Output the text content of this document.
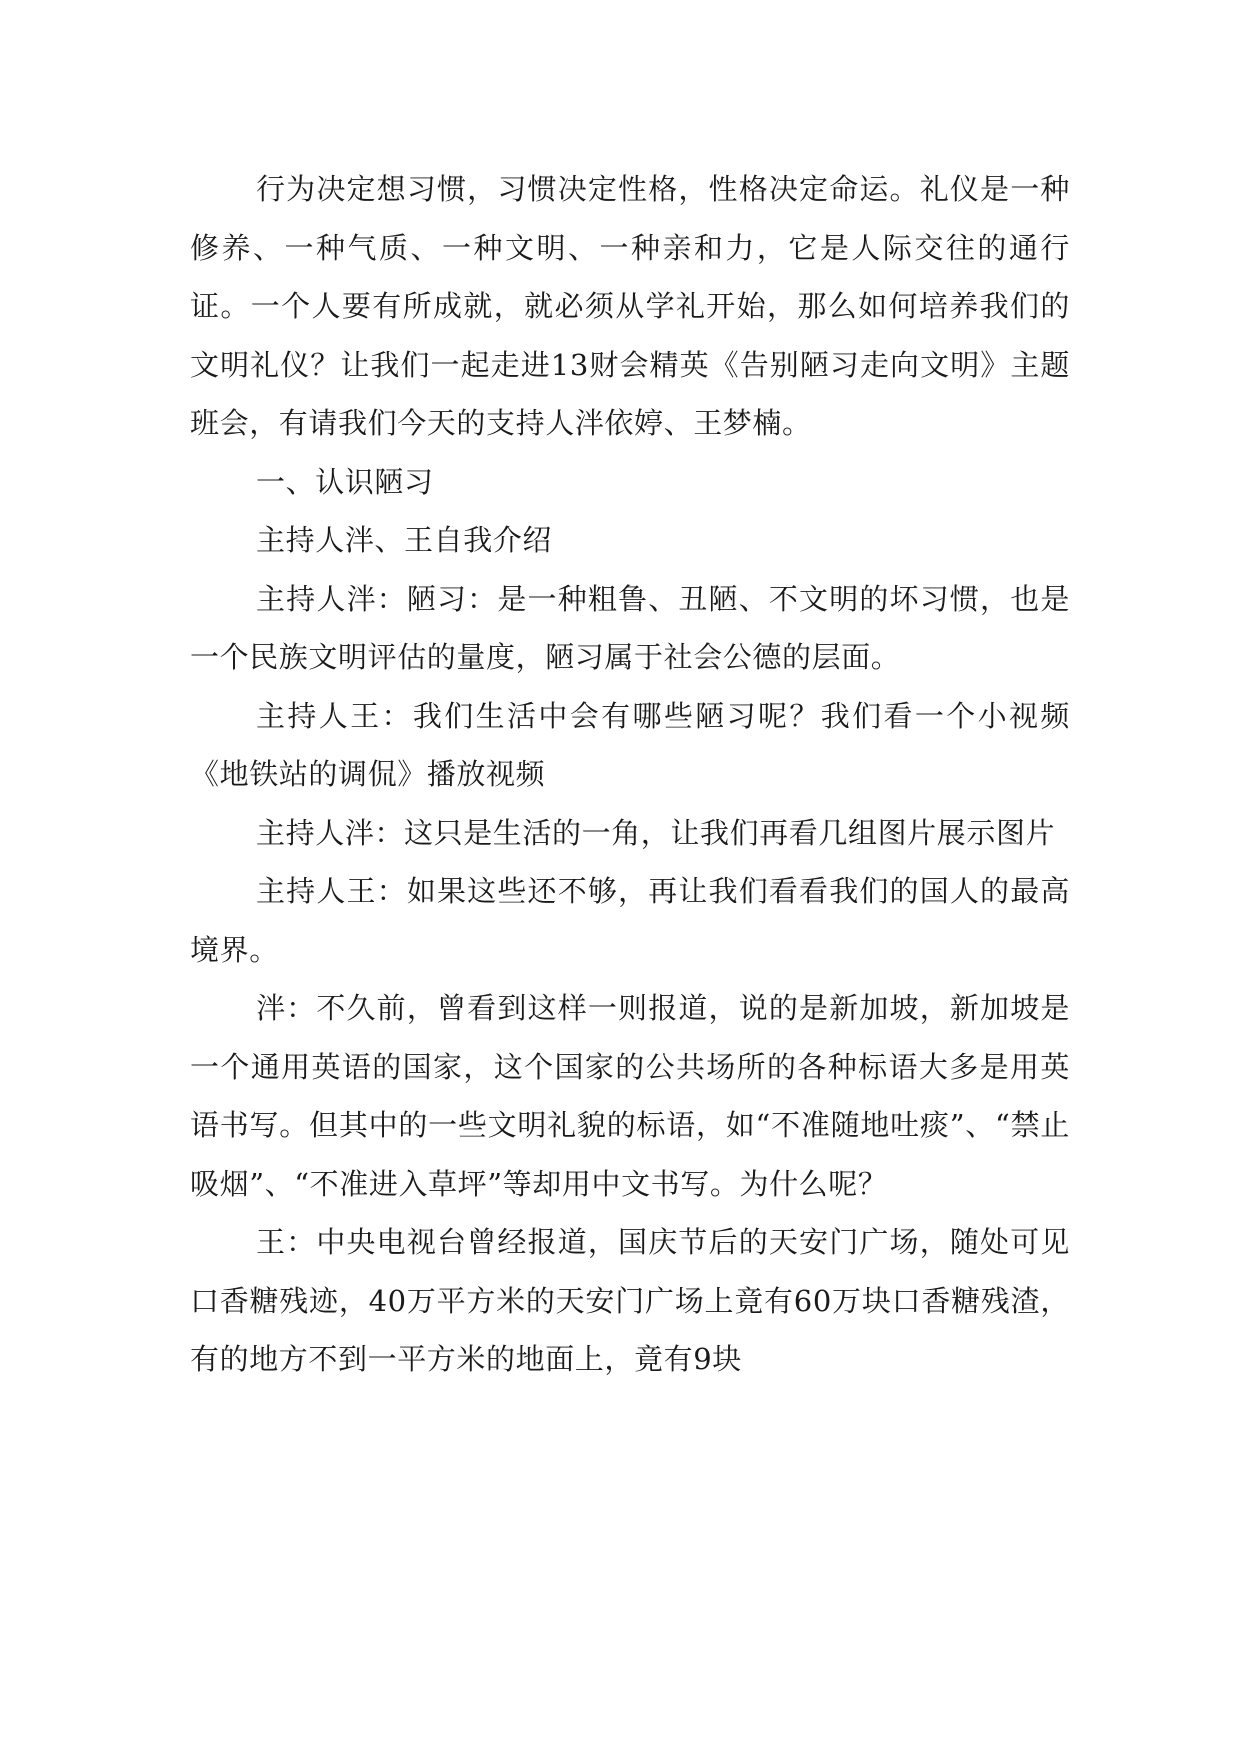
行为决定想习惯，习惯决定性格，性格决定命运。礼仪是一种修养、一种气质、一种文明、一种亲和力，它是人际交往的通行证。一个人要有所成就，就必须从学礼开始，那么如何培养我们的文明礼仪？让我们一起走进13财会精英《告别陋习走向文明》主题班会，有请我们今天的支持人泮依婷、王梦楠。

一、认识陋习

主持人泮、王自我介绍

主持人泮：陋习：是一种粗鲁、丑陋、不文明的坏习惯，也是一个民族文明评估的量度，陋习属于社会公德的层面。

主持人王：我们生活中会有哪些陋习呢？我们看一个小视频《地铁站的调侃》播放视频

主持人泮：这只是生活的一角，让我们再看几组图片展示图片

主持人王：如果这些还不够，再让我们看看我们的国人的最高境界。

泮：不久前，曾看到这样一则报道，说的是新加坡，新加坡是一个通用英语的国家，这个国家的公共场所的各种标语大多是用英语书写。但其中的一些文明礼貌的标语，如“不准随地吐痰”、“禁止吸烟”、“不准进入草坪”等却用中文书写。为什么呢？

王：中央电视台曾经报道，国庆节后的天安门广场，随处可见口香糖残迹，40万平方米的天安门广场上竟有60万块口香糖残渣，有的地方不到一平方米的地面上，竟有9块
